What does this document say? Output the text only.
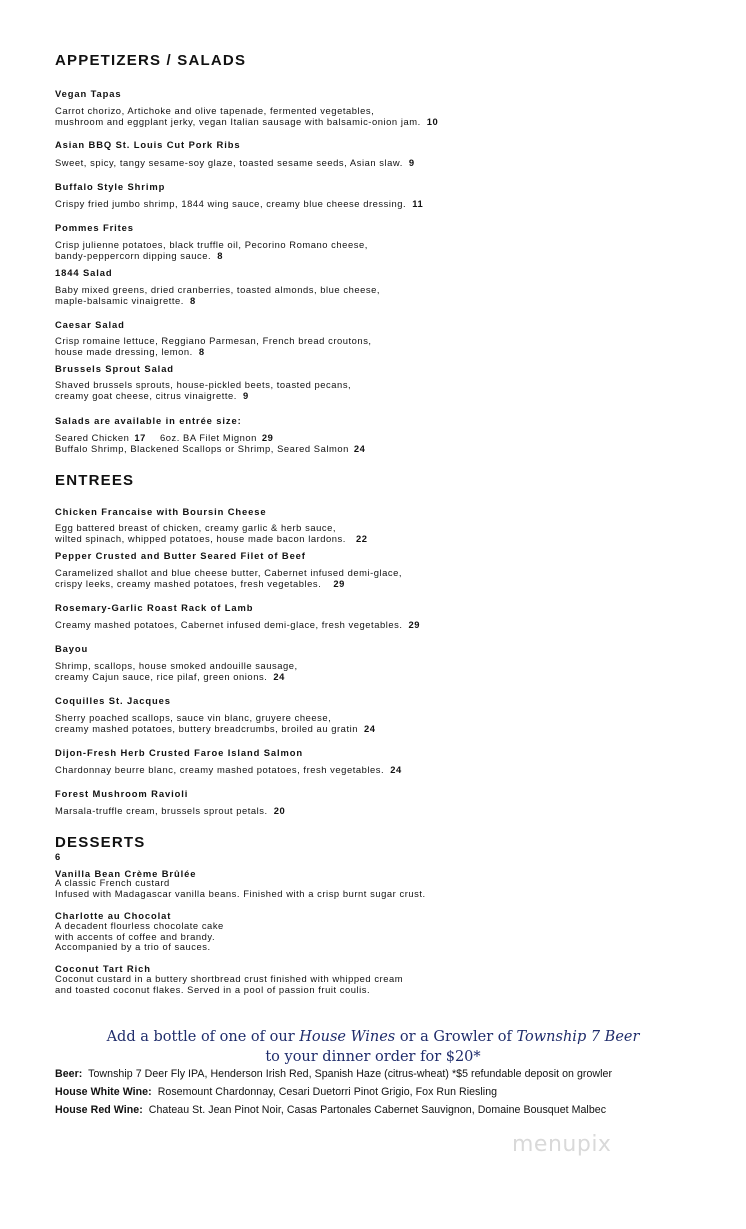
APPETIZERS / SALADS
Vegan Tapas
Carrot chorizo, Artichoke and olive tapenade, fermented vegetables,
mushroom and eggplant jerky, vegan Italian sausage with balsamic-onion jam. 10
Asian BBQ St. Louis Cut Pork Ribs
Sweet, spicy, tangy sesame-soy glaze, toasted sesame seeds, Asian slaw. 9
Buffalo Style Shrimp
Crispy fried jumbo shrimp, 1844 wing sauce, creamy blue cheese dressing. 11
Pommes Frites
Crisp julienne potatoes, black truffle oil, Pecorino Romano cheese,
bandy-peppercorn dipping sauce. 8
1844 Salad
Baby mixed greens, dried cranberries, toasted almonds, blue cheese,
maple-balsamic vinaigrette. 8
Caesar Salad
Crisp romaine lettuce, Reggiano Parmesan, French bread croutons,
house made dressing, lemon. 8
Brussels Sprout Salad
Shaved brussels sprouts, house-pickled beets, toasted pecans,
creamy goat cheese, citrus vinaigrette. 9
Salads are available in entrée size:
Seared Chicken 17 6oz. BA Filet Mignon 29
Buffalo Shrimp, Blackened Scallops or Shrimp, Seared Salmon 24
ENTREES
Chicken Francaise with Boursin Cheese
Egg battered breast of chicken, creamy garlic & herb sauce,
wilted spinach, whipped potatoes, house made bacon lardons. 22
Pepper Crusted and Butter Seared Filet of Beef
Caramelized shallot and blue cheese butter, Cabernet infused demi-glace,
crispy leeks, creamy mashed potatoes, fresh vegetables. 29
Rosemary-Garlic Roast Rack of Lamb
Creamy mashed potatoes, Cabernet infused demi-glace, fresh vegetables. 29
Bayou
Shrimp, scallops, house smoked andouille sausage,
creamy Cajun sauce, rice pilaf, green onions. 24
Coquilles St. Jacques
Sherry poached scallops, sauce vin blanc, gruyere cheese,
creamy mashed potatoes, buttery breadcrumbs, broiled au gratin 24
Dijon-Fresh Herb Crusted Faroe Island Salmon
Chardonnay beurre blanc, creamy mashed potatoes, fresh vegetables. 24
Forest Mushroom Ravioli
Marsala-truffle cream, brussels sprout petals. 20
DESSERTS
6
Vanilla Bean Crème Brûlée
A classic French custard
Infused with Madagascar vanilla beans. Finished with a crisp burnt sugar crust.
Charlotte au Chocolat
A decadent flourless chocolate cake
with accents of coffee and brandy.
Accompanied by a trio of sauces.
Coconut Tart Rich
Coconut custard in a buttery shortbread crust finished with whipped cream
and toasted coconut flakes. Served in a pool of passion fruit coulis.
Add a bottle of one of our House Wines or a Growler of Township 7 Beer
to your dinner order for $20*
Beer: Township 7 Deer Fly IPA, Henderson Irish Red, Spanish Haze (citrus-wheat) *$5 refundable deposit on growler
House White Wine: Rosemount Chardonnay, Cesari Duetorri Pinot Grigio, Fox Run Riesling
House Red Wine: Chateau St. Jean Pinot Noir, Casas Partonales Cabernet Sauvignon, Domaine Bousquet Malbec
menupix
